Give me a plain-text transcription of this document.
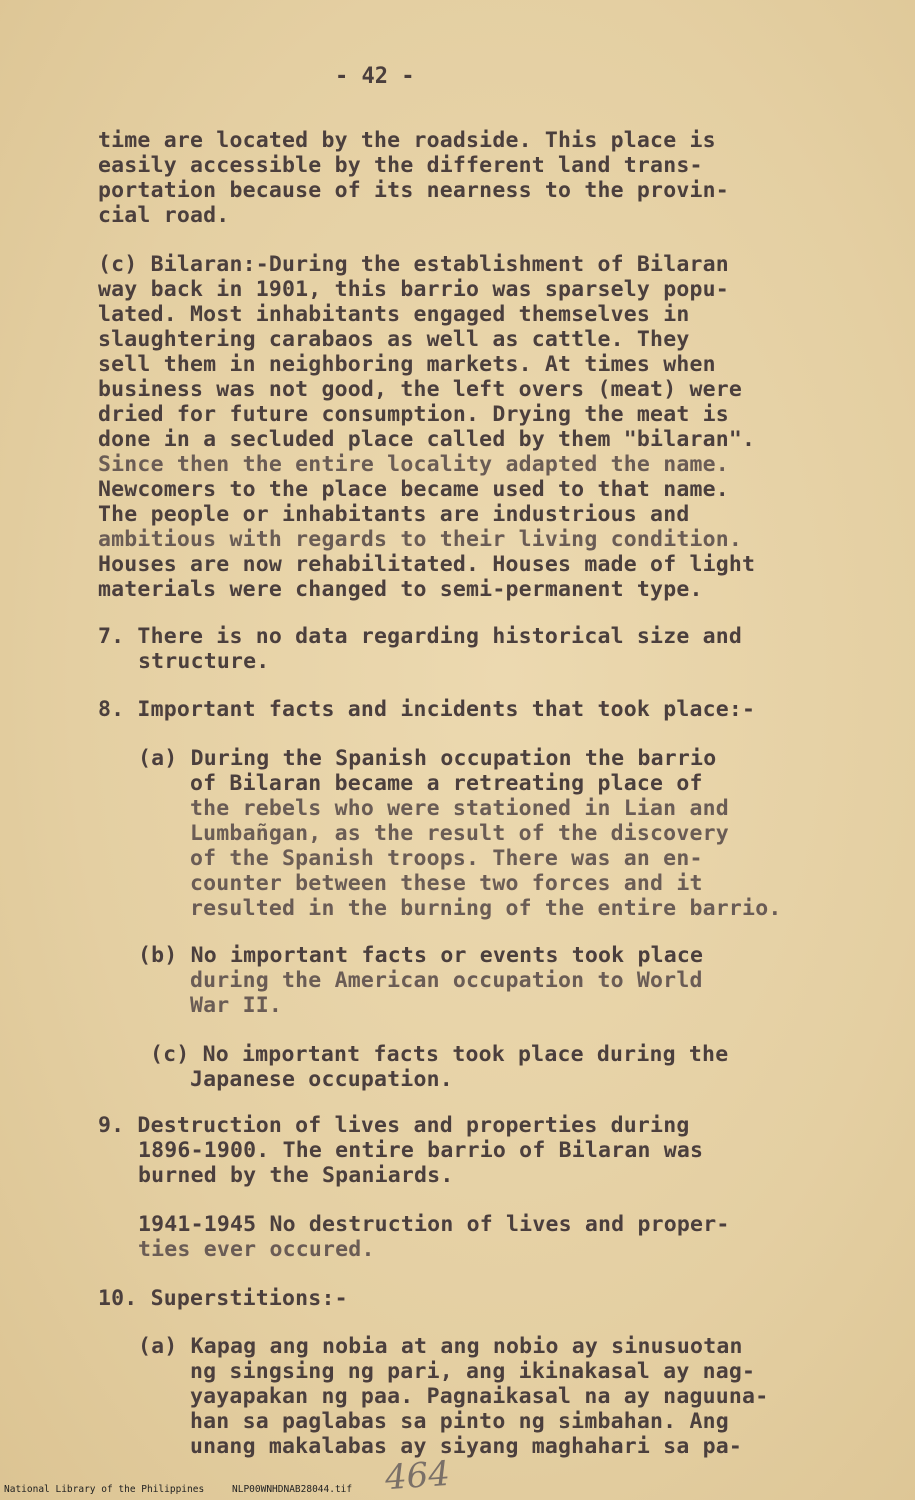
- 42 -
time are located by the roadside. This place is
easily accessible by the different land trans-
portation because of its nearness to the provin-
cial road.
(c) Bilaran:-During the establishment of Bilaran
way back in 1901, this barrio was sparsely popu-
lated. Most inhabitants engaged themselves in
slaughtering carabaos as well as cattle. They
sell them in neighboring markets. At times when
business was not good, the left overs (meat) were
dried for future consumption. Drying the meat is
done in a secluded place called by them "bilaran".
Since then the entire locality adapted the name.
Newcomers to the place became used to that name.
The people or inhabitants are industrious and
ambitious with regards to their living condition.
Houses are now rehabilitated. Houses made of light
materials were changed to semi-permanent type.
7. There is no data regarding historical size and
structure.
8. Important facts and incidents that took place:-
(a) During the Spanish occupation the barrio
of Bilaran became a retreating place of
the rebels who were stationed in Lian and
Lumbañgan, as the result of the discovery
of the Spanish troops. There was an en-
counter between these two forces and it
resulted in the burning of the entire barrio.
(b) No important facts or events took place
during the American occupation to World
War II.
(c) No important facts took place during the
Japanese occupation.
9. Destruction of lives and properties during
1896-1900. The entire barrio of Bilaran was
burned by the Spaniards.
1941-1945 No destruction of lives and proper-
ties ever occured.
10. Superstitions:-
(a) Kapag ang nobia at ang nobio ay sinusuotan
ng singsing ng pari, ang ikinakasal ay nag-
yayapakan ng paa. Pagnaikasal na ay naguuna-
han sa paglabas sa pinto ng simbahan. Ang
unang makalabas ay siyang maghahari sa pa-
464
National Library of the Philippines	NLP00WNHDNAB28044.tif
